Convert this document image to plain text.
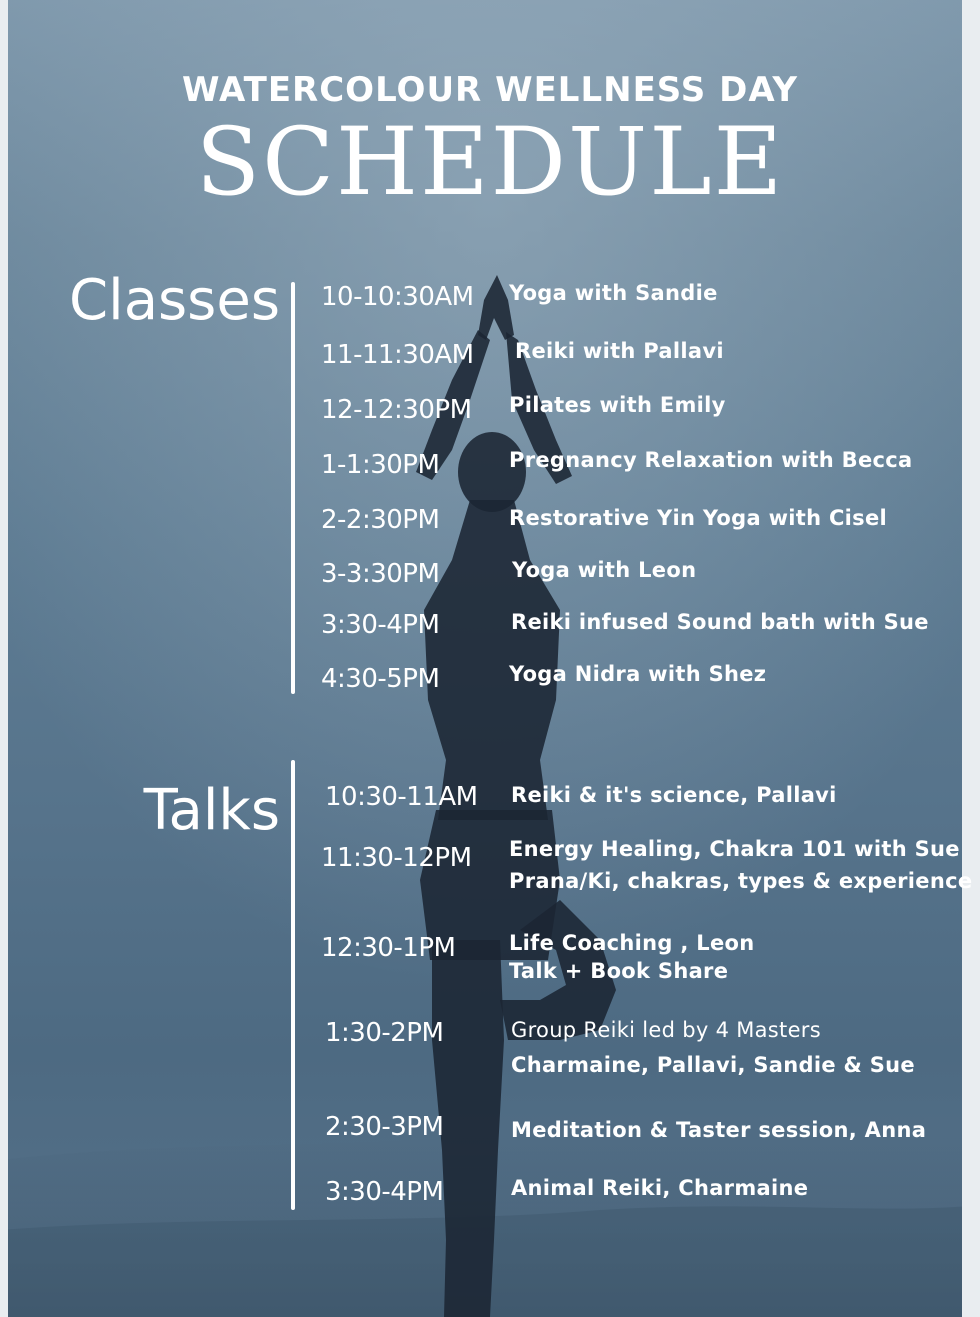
WATERCOLOUR WELLNESS DAY
SCHEDULE
Classes 10-10:30AM Yoga with Sandie
11-11:30AM Reiki with Pallavi
12-12:30PM Pilates with Emily
1-1:30PM	Pregnancy Relaxation with Becca
2-2:30PM	Restorative Yin Yoga with Cisel
3-3:30PM	Yoga with Leon
3:30-4PM	Reiki infused Sound bath with Sue
4:30-5PM	Yoga Nidra with Shez
Talks 10:30-11AM Reiki & it's science, Pallavi
11:30-12PM Energy Healing, Chakra 101 with Sue
Prana/Ki, chakras, types & experience
12:30-1PM	Life Coaching , Leon
Talk + Book Share
1:30-2PM	Group Reiki led by 4 Masters
Charmaine, Pallavi, Sandie & Sue
2:30-3PM	Meditation & Taster session, Anna
3:30-4PM	Animal Reiki, Charmaine
